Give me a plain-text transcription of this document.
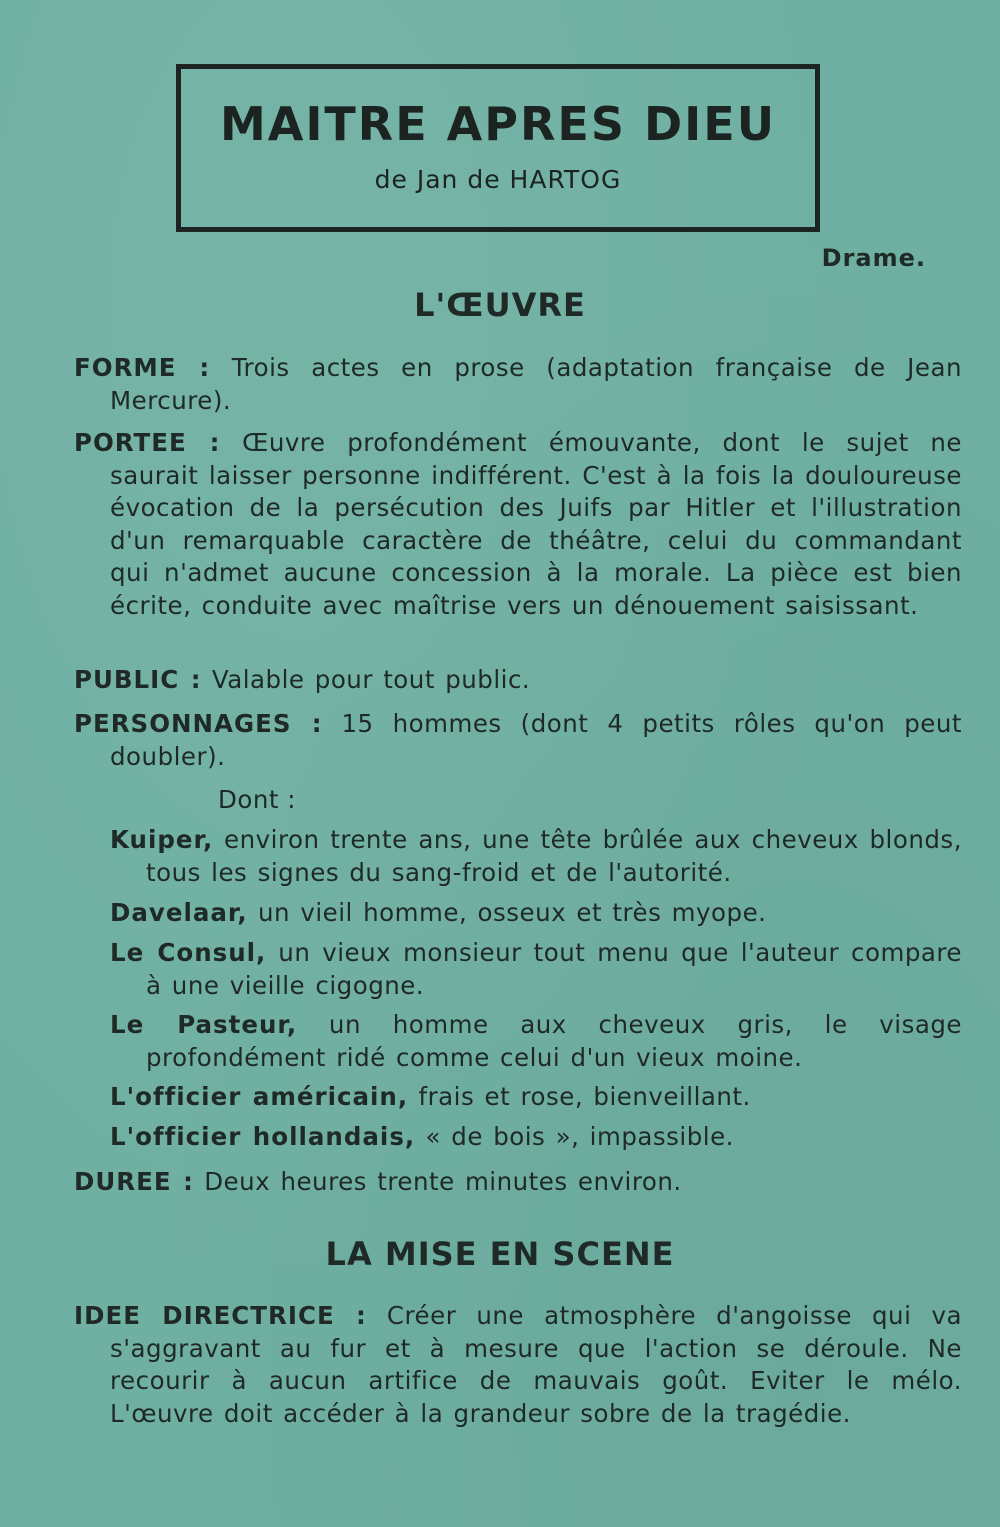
MAITRE APRES DIEU
de Jan de HARTOG
Drame.
L'ŒUVRE
FORME : Trois actes en prose (adaptation française de Jean Mercure).
PORTEE : Œuvre profondément émouvante, dont le sujet ne saurait laisser personne indifférent. C'est à la fois la douloureuse évocation de la persécution des Juifs par Hitler et l'illustration d'un remarquable caractère de théâtre, celui du commandant qui n'admet aucune concession à la morale. La pièce est bien écrite, conduite avec maîtrise vers un dénouement saisissant.
PUBLIC : Valable pour tout public.
PERSONNAGES : 15 hommes (dont 4 petits rôles qu'on peut doubler).
Dont :
Kuiper, environ trente ans, une tête brûlée aux cheveux blonds, tous les signes du sang-froid et de l'autorité.
Davelaar, un vieil homme, osseux et très myope.
Le Consul, un vieux monsieur tout menu que l'auteur compare à une vieille cigogne.
Le Pasteur, un homme aux cheveux gris, le visage profondément ridé comme celui d'un vieux moine.
L'officier américain, frais et rose, bienveillant.
L'officier hollandais, « de bois », impassible.
DUREE : Deux heures trente minutes environ.
LA MISE EN SCENE
IDEE DIRECTRICE : Créer une atmosphère d'angoisse qui va s'aggravant au fur et à mesure que l'action se déroule. Ne recourir à aucun artifice de mauvais goût. Eviter le mélo. L'œuvre doit accéder à la grandeur sobre de la tragédie.
